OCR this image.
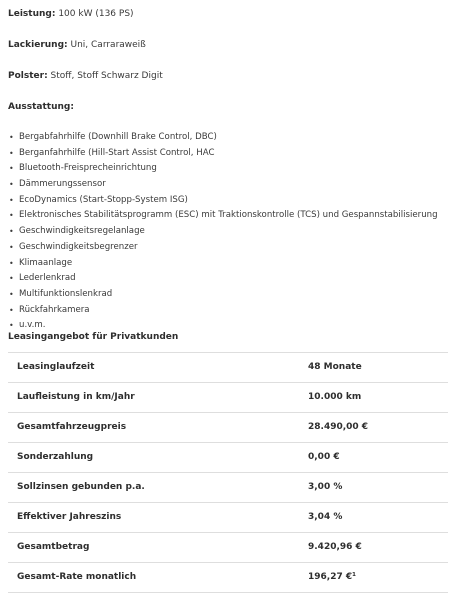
Leistung: 100 kW (136 PS)
Lackierung: Uni, Carraraweiß
Polster: Stoff, Stoff Schwarz Digit
Ausstattung:
• Bergabfahrhilfe (Downhill Brake Control, DBC)
• Berganfahrhilfe (Hill-Start Assist Control, HAC
• Bluetooth-Freisprecheinrichtung
• Dämmerungssensor
• EcoDynamics (Start-Stopp-System ISG)
• Elektronisches Stabilitätsprogramm (ESC) mit Traktionskontrolle (TCS) und Gespannstabilisierung
• Geschwindigkeitsregelanlage
• Geschwindigkeitsbegrenzer
• Klimaanlage
• Lederlenkrad
• Multifunktionslenkrad
• Rückfahrkamera
• u.v.m.
Leasingangebot für Privatkunden
Leasinglaufzeit	48 Monate
Laufleistung in km/Jahr	10.000 km
Gesamtfahrzeugpreis	28.490,00 €
Sonderzahlung	0,00 €
Sollzinsen gebunden p.a.	3,00 %
Effektiver Jahreszins	3,04 %
Gesamtbetrag	9.420,96 €
Gesamt-Rate monatlich	196,27 €¹
